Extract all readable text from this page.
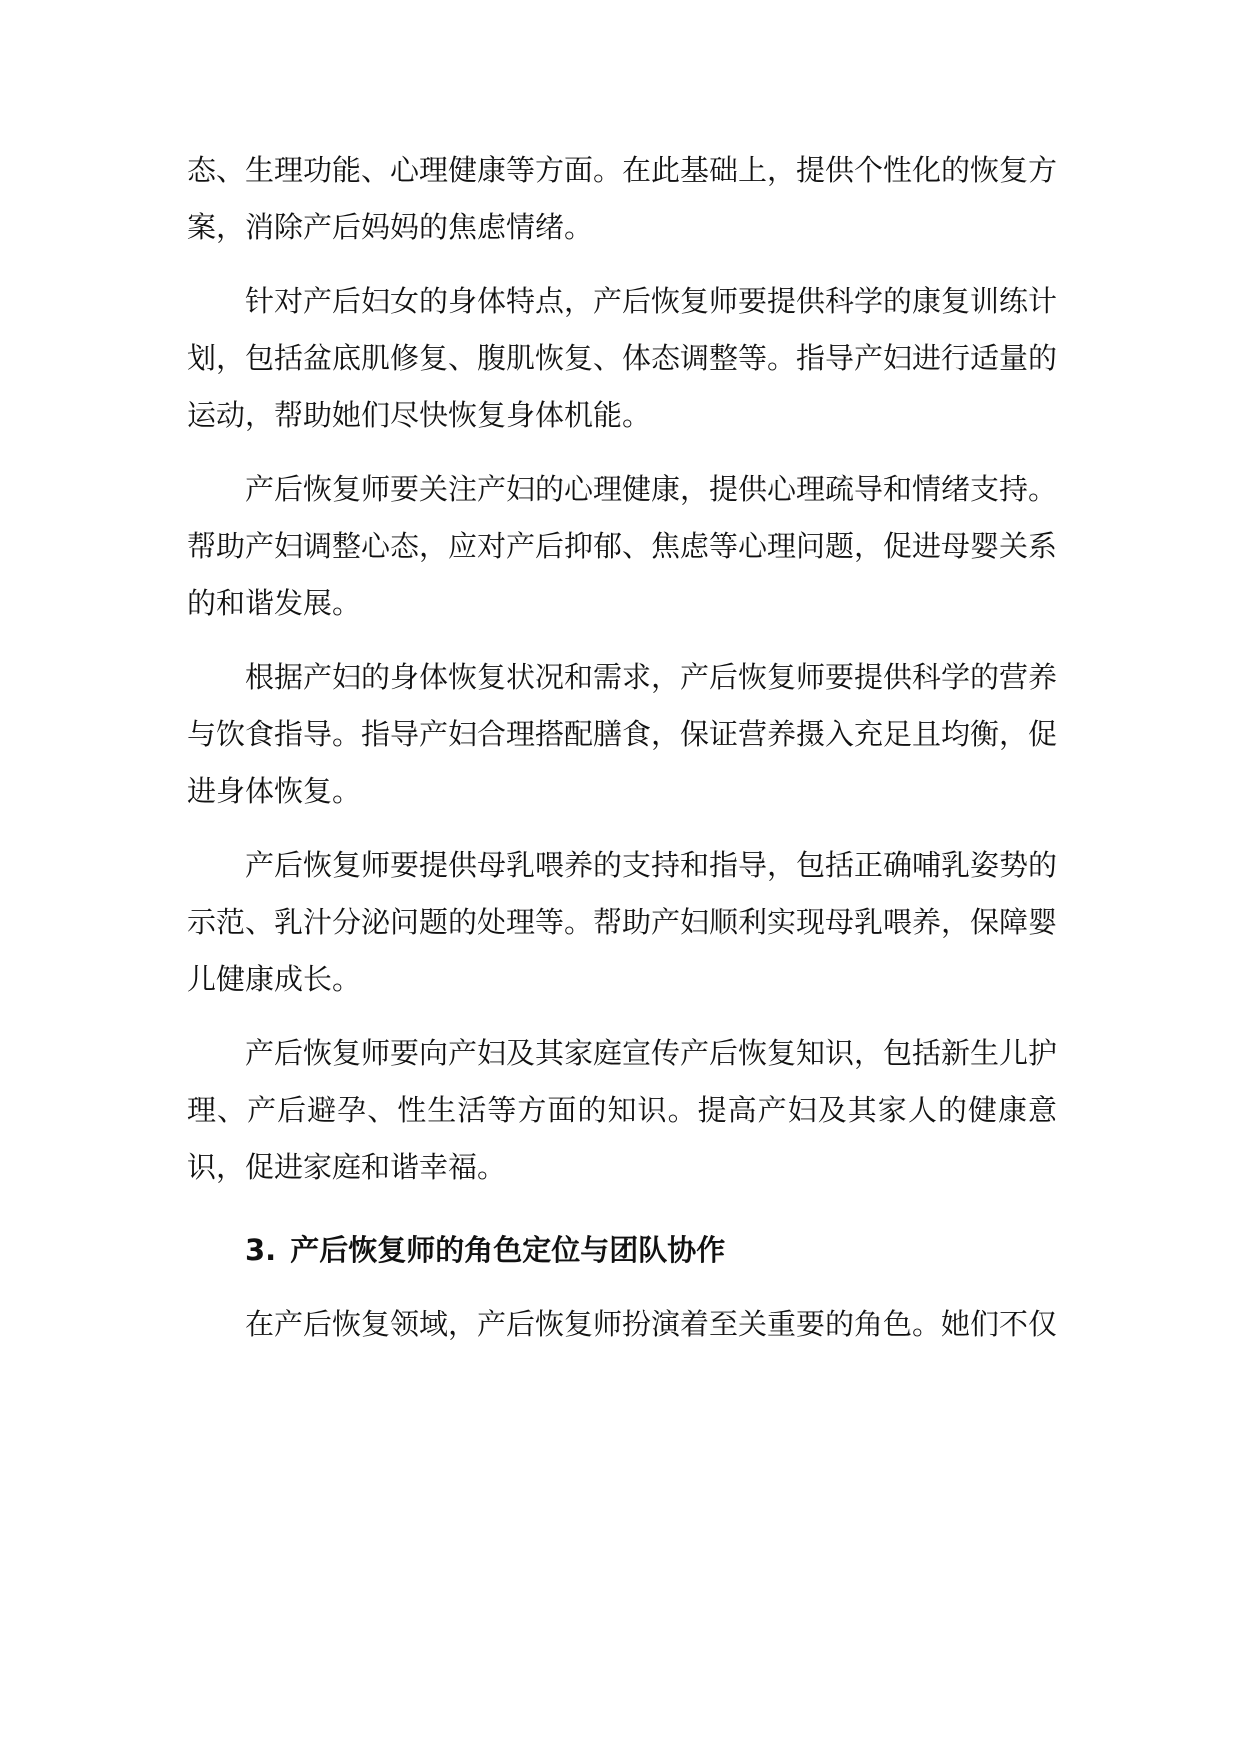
态、生理功能、心理健康等方面。在此基础上，提供个性化的恢复方案，消除产后妈妈的焦虑情绪。

针对产后妇女的身体特点，产后恢复师要提供科学的康复训练计划，包括盆底肌修复、腹肌恢复、体态调整等。指导产妇进行适量的运动，帮助她们尽快恢复身体机能。

产后恢复师要关注产妇的心理健康，提供心理疏导和情绪支持。帮助产妇调整心态，应对产后抑郁、焦虑等心理问题，促进母婴关系的和谐发展。

根据产妇的身体恢复状况和需求，产后恢复师要提供科学的营养与饮食指导。指导产妇合理搭配膳食，保证营养摄入充足且均衡，促进身体恢复。

产后恢复师要提供母乳喂养的支持和指导，包括正确哺乳姿势的示范、乳汁分泌问题的处理等。帮助产妇顺利实现母乳喂养，保障婴儿健康成长。

产后恢复师要向产妇及其家庭宣传产后恢复知识，包括新生儿护理、产后避孕、性生活等方面的知识。提高产妇及其家人的健康意识，促进家庭和谐幸福。

3. 产后恢复师的角色定位与团队协作

在产后恢复领域，产后恢复师扮演着至关重要的角色。她们不仅
